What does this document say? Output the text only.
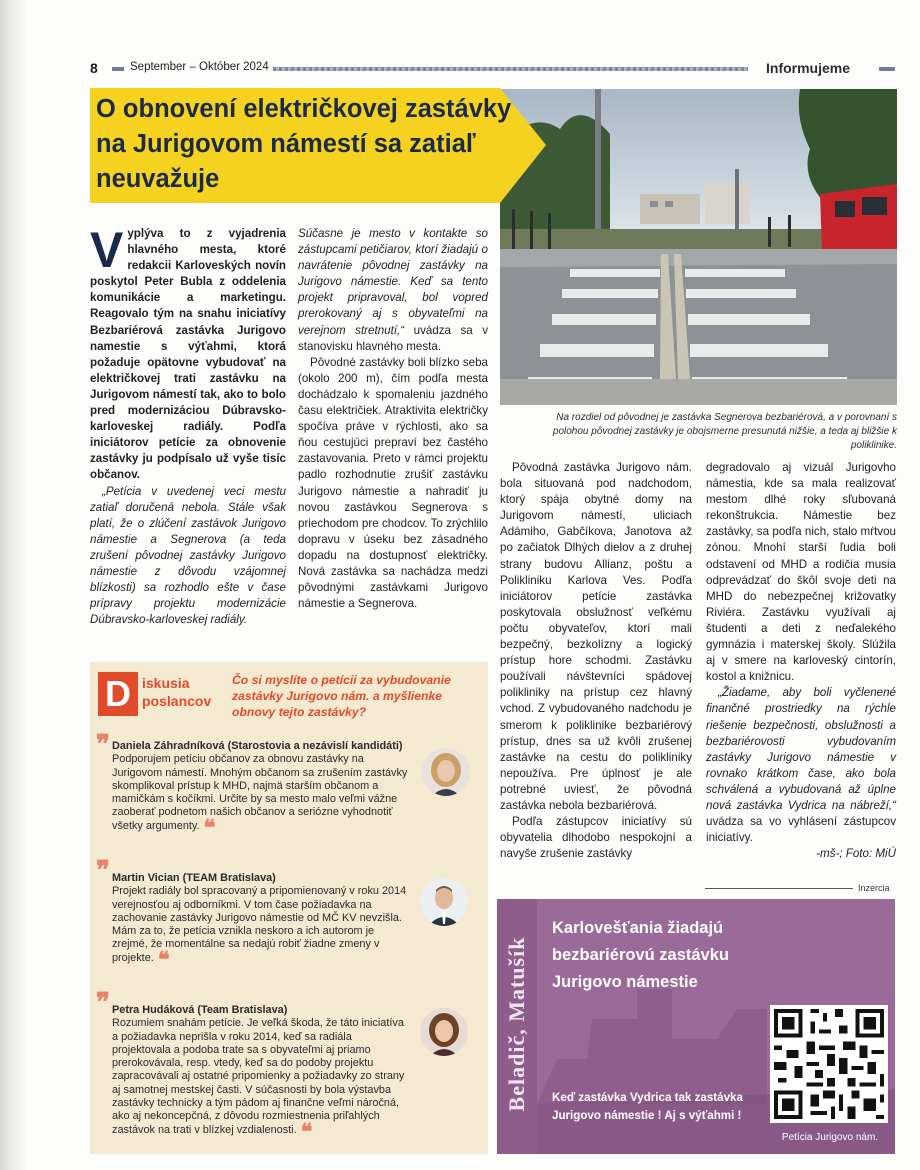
8	September – Október 2024	Informujeme
Na rozdiel od pôvodnej je zastávka Segnerova bezbariérová, a v porovnaní s polohou pôvodnej zastávky je obojsmerne presunutá nižšie, a teda aj bližšie k poliklinike.
O obnovení električkovej zastávky na Jurigovom námestí sa zatiaľ neuvažuje

Vyplýva to z vyjadrenia hlavného mesta, ktoré redakcii Karloveských novín poskytol Peter Bubla z oddelenia komunikácie a marketingu. Reagovalo tým na snahu iniciatívy Bezbariérová zastávka Jurigovo namestie s výťahmi, ktorá požaduje opätovne vybudovať na električkovej trati zastávku na Jurigovom námestí tak, ako to bolo pred modernizáciou Dúbravsko-karloveskej radiály. Podľa iniciátorov petície za obnovenie zastávky ju podpísalo už vyše tisíc občanov.

„Petícia v uvedenej veci mestu zatiaľ doručená nebola. Stále však platí, že o zlúčení zastávok Jurigovo námestie a Segnerova (a teda zrušení pôvodnej zastávky Jurigovo námestie z dôvodu vzájomnej blízkosti) sa rozhodlo ešte v čase prípravy projektu modernizácie Dúbravsko-karloveskej radiály.

Súčasne je mesto v kontakte so zástupcami petičiarov, ktorí žiadajú o navrátenie pôvodnej zastávky na Jurigovo námestie. Keď sa tento projekt pripravoval, bol vopred prerokovaný aj s obyvateľmi na verejnom stretnutí,“ uvádza sa v stanovisku hlavného mesta.

Pôvodné zastávky boli blízko seba (okolo 200 m), čím podľa mesta dochádzalo k spomaleniu jazdného času električiek. Atraktivita električky spočíva práve v rýchlosti, ako sa ňou cestujúci prepraví bez častého zastavovania. Preto v rámci projektu padlo rozhodnutie zrušiť zastávku Jurigovo námestie a nahradiť ju novou zastávkou Segnerova s priechodom pre chodcov. To zrýchlilo dopravu v úseku bez zásadného dopadu na dostupnosť električky. Nová zastávka sa nachádza medzi pôvodnými zastávkami Jurigovo námestie a Segnerova.

Pôvodná zastávka Jurigovo nám. bola situovaná pod nadchodom, ktorý spája obytné domy na Jurigovom námestí, uliciach Adámiho, Gabčíkova, Janotova až po začiatok Dlhých dielov a z druhej strany budovu Allianz, poštu a Polikliniku Karlova Ves. Podľa iniciátorov petície zastávka poskytovala obslužnosť veľkému počtu obyvateľov, ktorí mali bezpečný, bezkolízny a logický prístup hore schodmi. Zastávku používali návštevníci spádovej polikliniky na prístup cez hlavný vchod. Z vybudovaného nadchodu je smerom k poliklinike bezbariérový prístup, dnes sa už kvôli zrušenej zastávke na cestu do polikliniky nepoužíva. Pre úplnosť je ale potrebné uviesť, že pôvodná zastávka nebola bezbariérová.

Podľa zástupcov iniciatívy sú obyvatelia dlhodobo nespokojní a navyše zrušenie zastávky

degradovalo aj vizuál Jurigovho námestia, kde sa mala realizovať mestom dlhé roky sľubovaná rekonštrukcia. Námestie bez zastávky, sa podľa nich, stalo mŕtvou zónou. Mnohí starší ľudia boli odstavení od MHD a rodičia musia odprevádzať do škôl svoje deti na MHD do nebezpečnej križovatky Riviéra. Zastávku využívali aj študenti a deti z neďalekého gymnázia i materskej školy. Slúžila aj v smere na karloveský cintorín, kostol a knižnicu.

„Žiadame, aby boli vyčlenené finančné prostriedky na rýchle riešenie bezpečnosti, obslužnosti a bezbariérovosti vybudovaním zastávky Jurigovo námestie v rovnako krátkom čase, ako bola schválená a vybudovaná až úplne nová zastávka Vydrica na nábreží,“ uvádza sa vo vyhlásení zástupcov iniciatívy.

-mš-; Foto: MiÚ

D iskusia
poslancov
Čo si myslíte o petícii za vybudovanie zastávky Jurigovo nám. a myšlienke obnovy tejto zastávky?
❞ Daniela Záhradníková (Starostovia a nezávislí kandidáti)
Podporujem petíciu občanov za obnovu zastávky na Jurigovom námestí. Mnohým občanom sa zrušením zastávky skomplikoval prístup k MHD, najmä starším občanom a mamičkám s kočíkmi. Určite by sa mesto malo veľmi vážne zaoberať podnetom našich občanov a seriózne vyhodnotiť všetky argumenty. ❝
❞ Martin Vician (TEAM Bratislava)
Projekt radiály bol spracovaný a pripomienovaný v roku 2014 verejnosťou aj odborníkmi. V tom čase požiadavka na zachovanie zastávky Jurigovo námestie od MČ KV nevzišla. Mám za to, že petícia vznikla neskoro a ich autorom je zrejmé, že momentálne sa nedajú robiť žiadne zmeny v projekte. ❝
❞ Petra Hudáková (Team Bratislava)
Rozumiem snahám petície. Je veľká škoda, že táto iniciatíva a požiadavka neprišla v roku 2014, keď sa radiála projektovala a podoba trate sa s obyvateľmi aj priamo prerokovávala, resp. vtedy, keď sa do podoby projektu zapracovávali aj ostatné pripomienky a požiadavky zo strany aj samotnej mestskej časti. V súčasnosti by bola výstavba zastávky technicky a tým pádom aj finančne veľmi náročná, ako aj nekoncepčná, z dôvodu rozmiestnenia priľahlých zastávok na trati v blízkej vzdialenosti. ❝
Inzercia
Beladič, Matušík
Karlovešťania žiadajú bezbariérovú zastávku Jurigovo námestie
Keď zastávka Vydrica tak zastávka Jurigovo námestie ! Aj s výťahmi !
Petícia Jurigovo nám.
